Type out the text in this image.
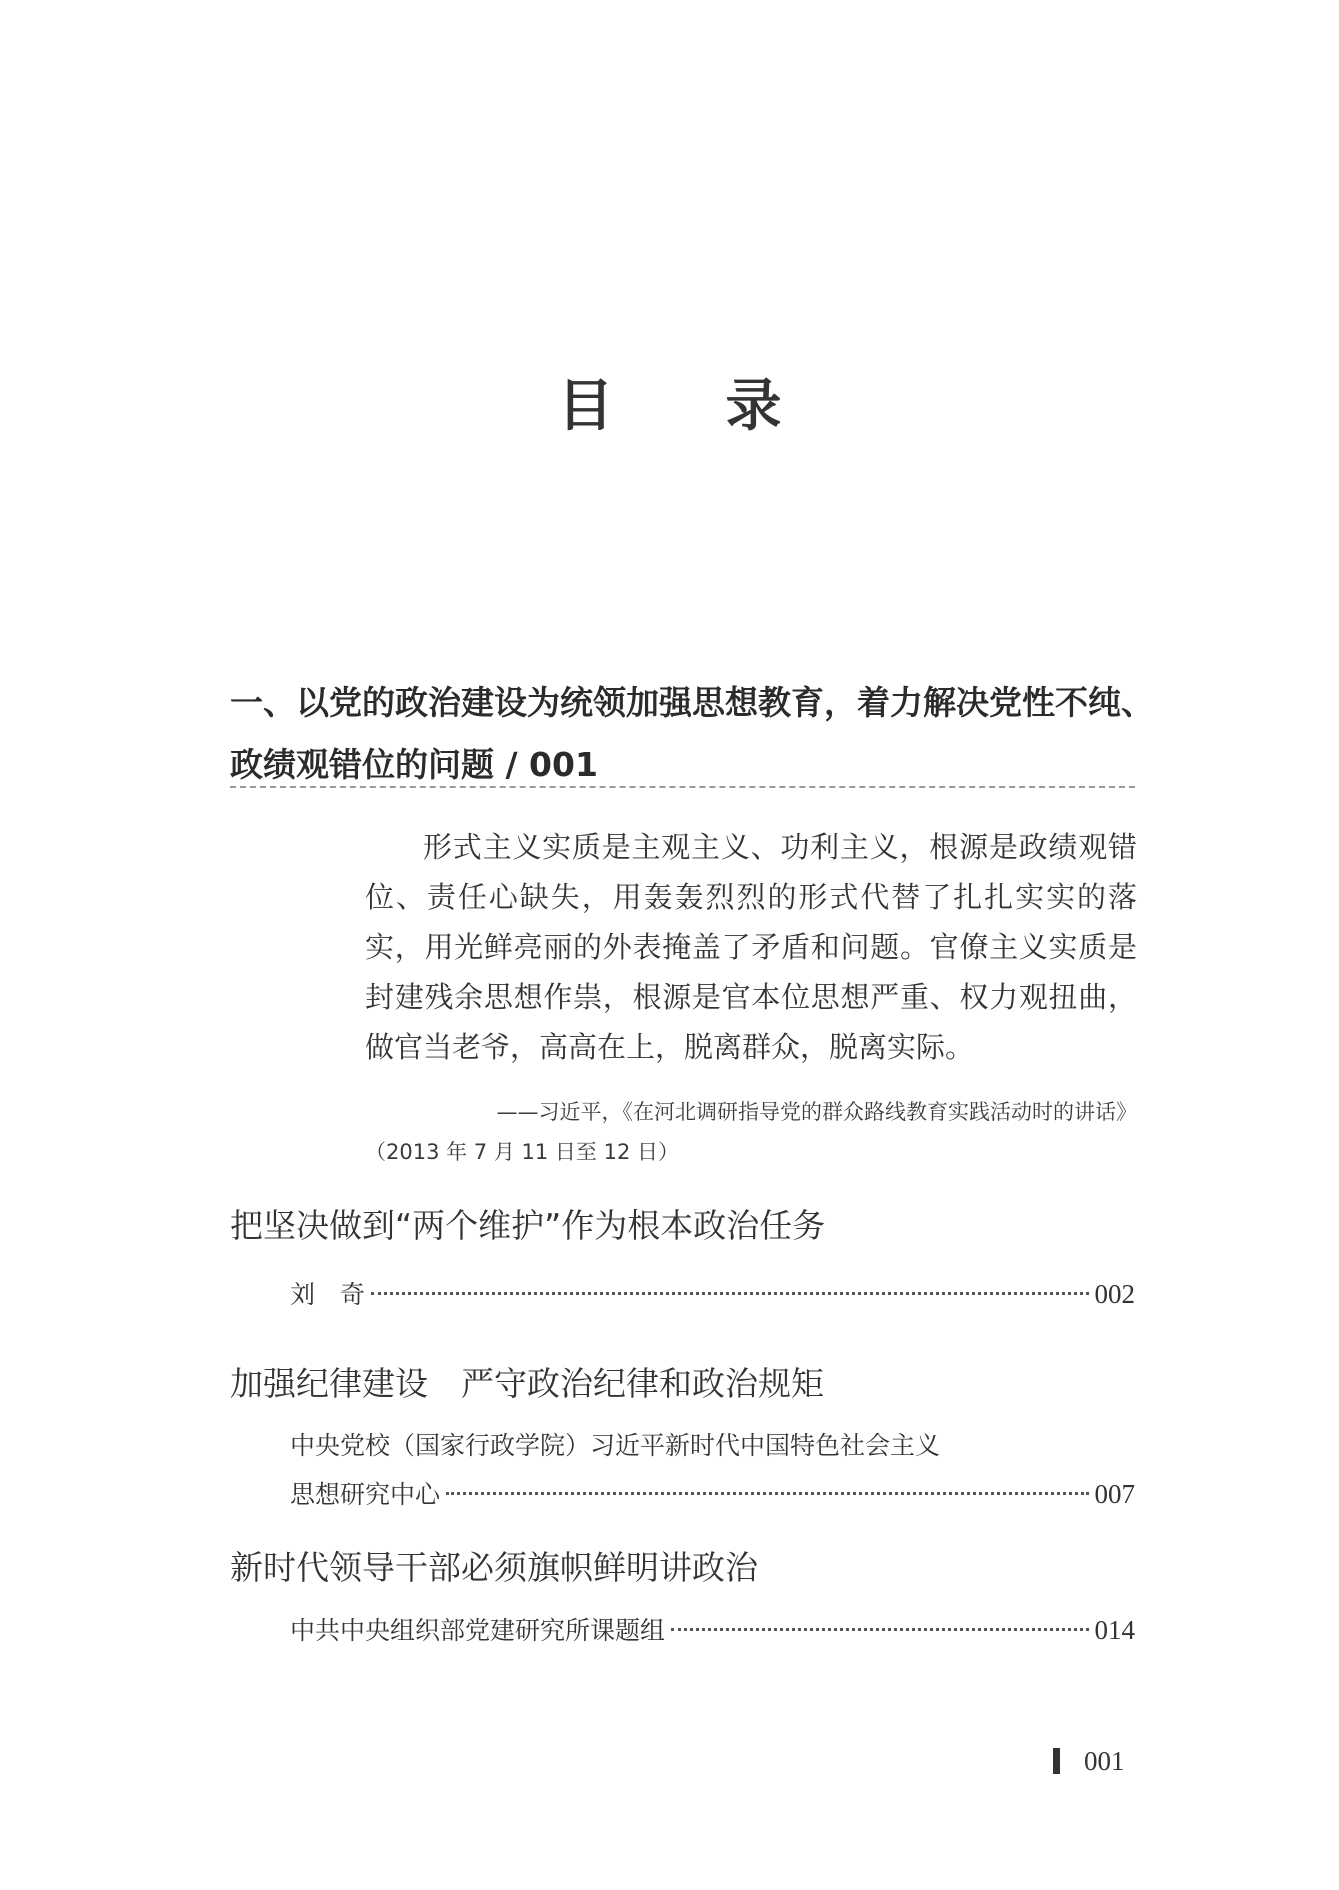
目录
一、以党的政治建设为统领加强思想教育，着力解决党性不纯、
政绩观错位的问题 / 001
形式主义实质是主观主义、功利主义，根源是政绩观错位、责任心缺失，用轰轰烈烈的形式代替了扎扎实实的落实，用光鲜亮丽的外表掩盖了矛盾和问题。官僚主义实质是封建残余思想作祟，根源是官本位思想严重、权力观扭曲，做官当老爷，高高在上，脱离群众，脱离实际。
——习近平，《在河北调研指导党的群众路线教育实践活动时的讲话》
（2013 年 7 月 11 日至 12 日）
把坚决做到“两个维护”作为根本政治任务
刘　奇	002
加强纪律建设　严守政治纪律和政治规矩
中央党校（国家行政学院）习近平新时代中国特色社会主义
思想研究中心	007
新时代领导干部必须旗帜鲜明讲政治
中共中央组织部党建研究所课题组	014
001
